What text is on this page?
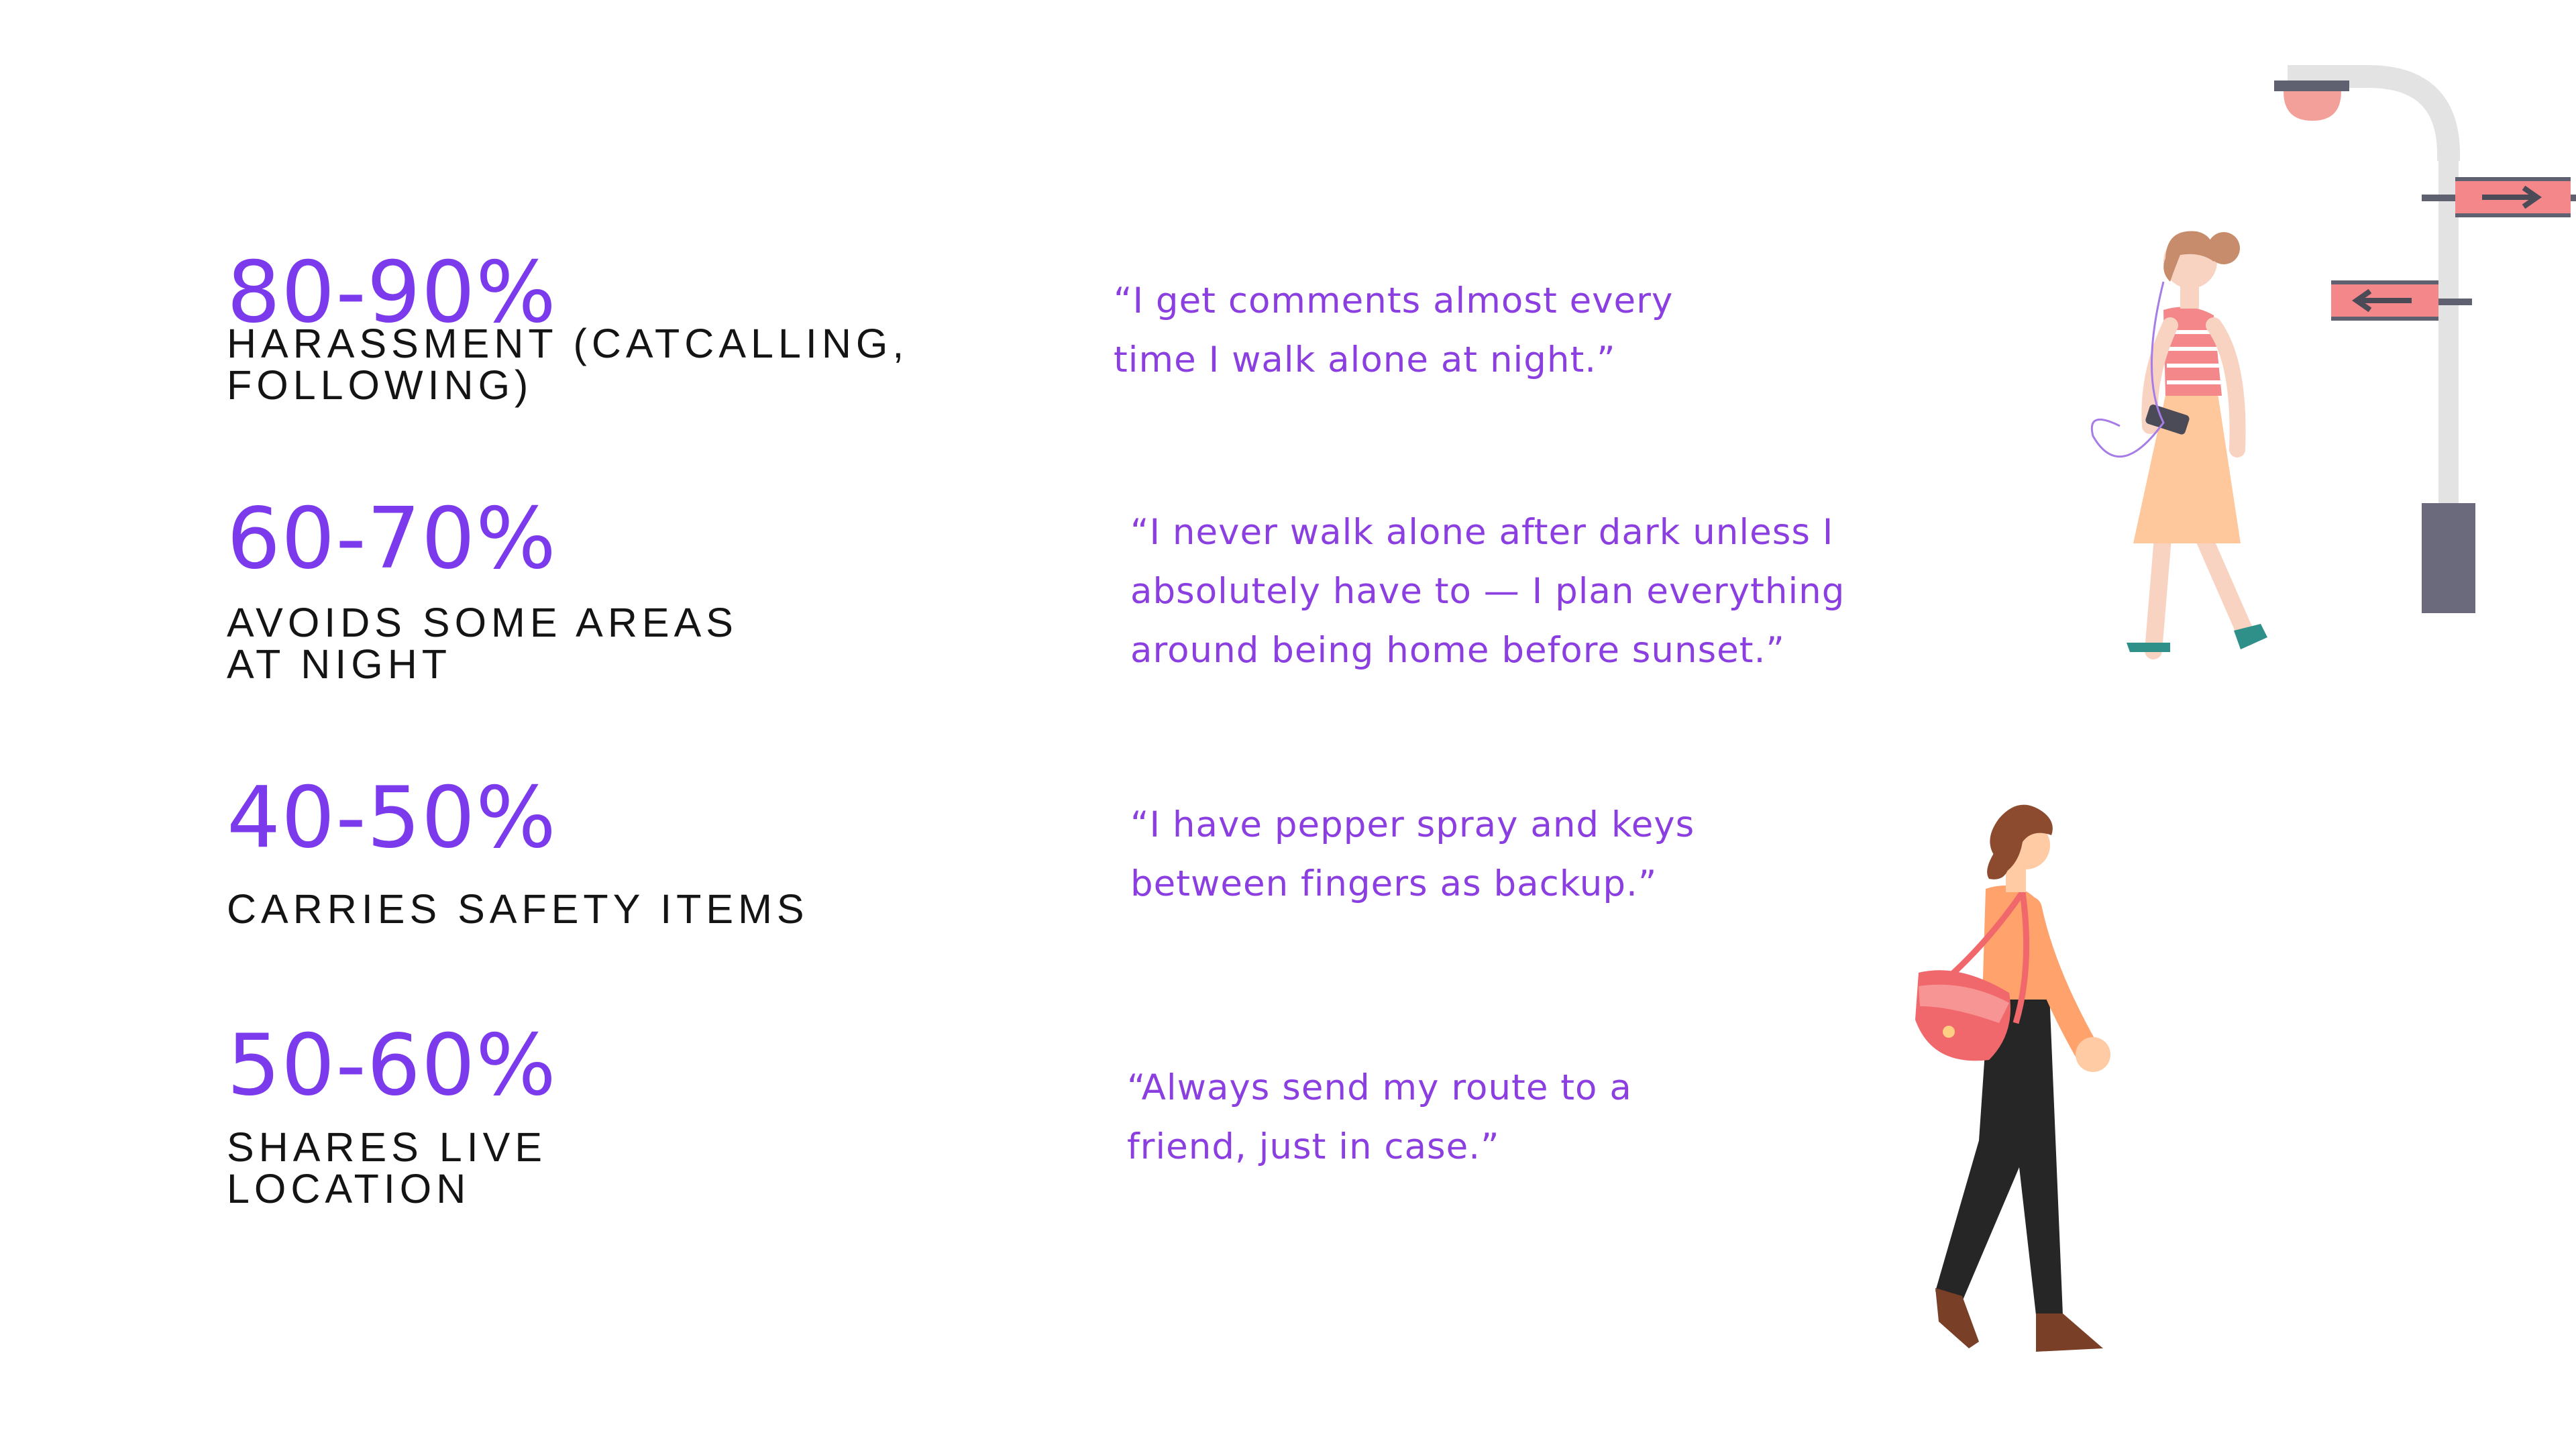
80-90%
HARASSMENT (CATCALLING,
FOLLOWING)
“I get comments almost every
time I walk alone at night.”
60-70%
AVOIDS SOME AREAS
AT NIGHT
“I never walk alone after dark unless I
absolutely have to — I plan everything
around being home before sunset.”
40-50%
CARRIES SAFETY ITEMS
“I have pepper spray and keys
between fingers as backup.”
50-60%
SHARES LIVE
LOCATION
“Always send my route to a
friend, just in case.”
